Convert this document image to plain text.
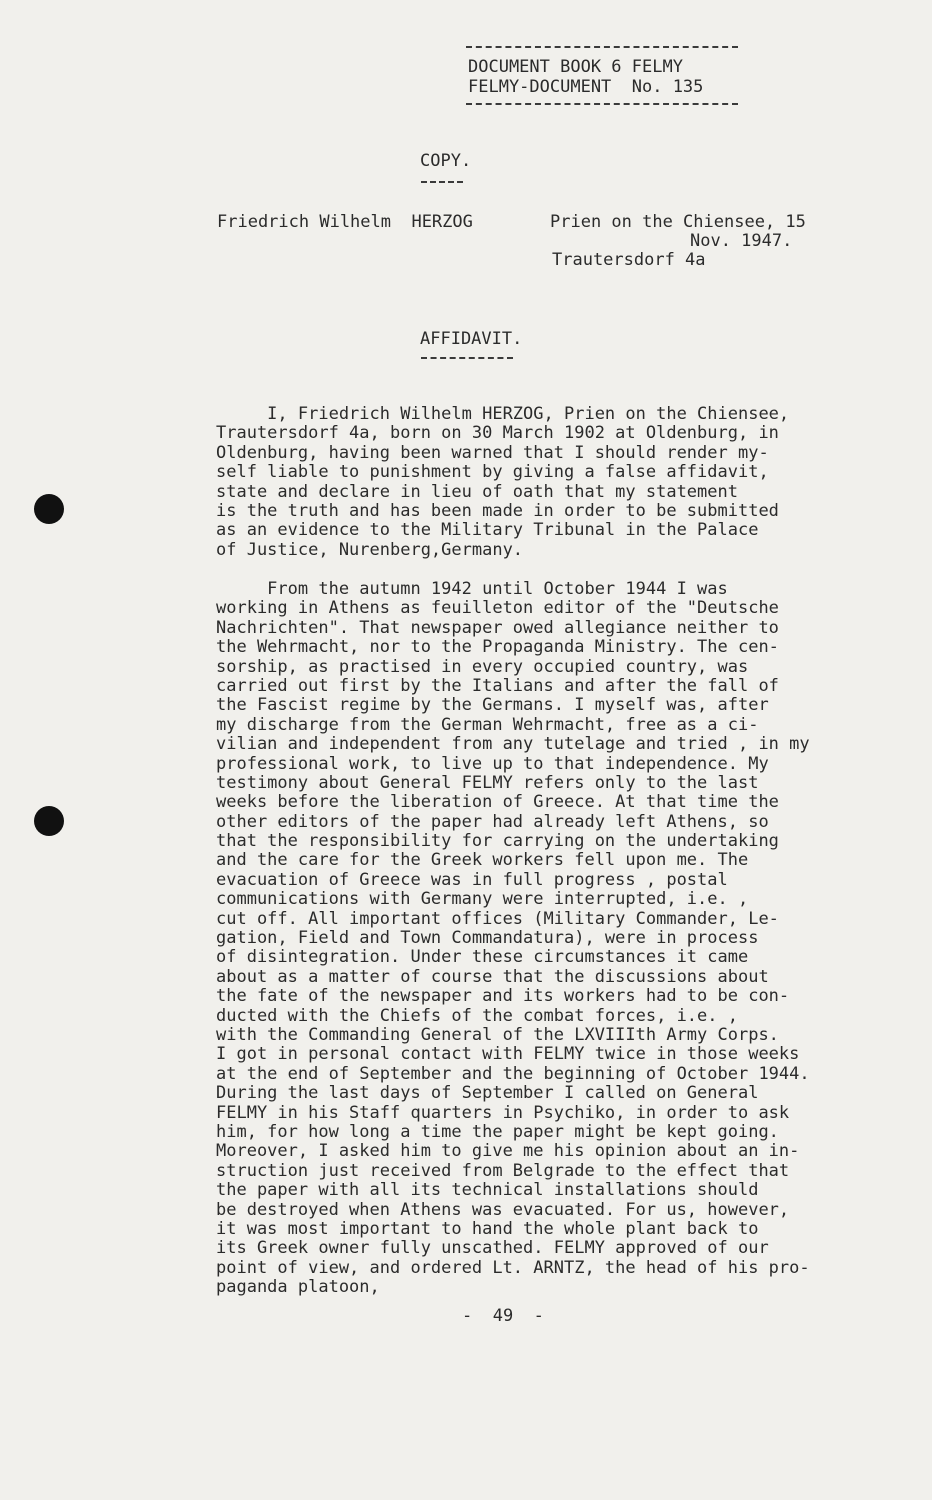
DOCUMENT BOOK 6 FELMY
FELMY-DOCUMENT  No. 135
COPY.
Friedrich Wilhelm  HERZOG	Prien on the Chiensee, 15
Nov. 1947.
Trautersdorf 4a
AFFIDAVIT.
I, Friedrich Wilhelm HERZOG, Prien on the Chiensee,
Trautersdorf 4a, born on 30 March 1902 at Oldenburg, in
Oldenburg, having been warned that I should render my-
self liable to punishment by giving a false affidavit,
state and declare in lieu of oath that my statement
is the truth and has been made in order to be submitted
as an evidence to the Military Tribunal in the Palace
of Justice, Nurenberg,Germany.
From the autumn 1942 until October 1944 I was
working in Athens as feuilleton editor of the "Deutsche
Nachrichten". That newspaper owed allegiance neither to
the Wehrmacht, nor to the Propaganda Ministry. The cen-
sorship, as practised in every occupied country, was
carried out first by the Italians and after the fall of
the Fascist regime by the Germans. I myself was, after
my discharge from the German Wehrmacht, free as a ci-
vilian and independent from any tutelage and tried , in my
professional work, to live up to that independence. My
testimony about General FELMY refers only to the last
weeks before the liberation of Greece. At that time the
other editors of the paper had already left Athens, so
that the responsibility for carrying on the undertaking
and the care for the Greek workers fell upon me. The
evacuation of Greece was in full progress , postal
communications with Germany were interrupted, i.e. ,
cut off. All important offices (Military Commander, Le-
gation, Field and Town Commandatura), were in process
of disintegration. Under these circumstances it came
about as a matter of course that the discussions about
the fate of the newspaper and its workers had to be con-
ducted with the Chiefs of the combat forces, i.e. ,
with the Commanding General of the LXVIIIth Army Corps.
I got in personal contact with FELMY twice in those weeks
at the end of September and the beginning of October 1944.
During the last days of September I called on General
FELMY in his Staff quarters in Psychiko, in order to ask
him, for how long a time the paper might be kept going.
Moreover, I asked him to give me his opinion about an in-
struction just received from Belgrade to the effect that
the paper with all its technical installations should
be destroyed when Athens was evacuated. For us, however,
it was most important to hand the whole plant back to
its Greek owner fully unscathed. FELMY approved of our
point of view, and ordered Lt. ARNTZ, the head of his pro-
paganda platoon,
-  49  -
